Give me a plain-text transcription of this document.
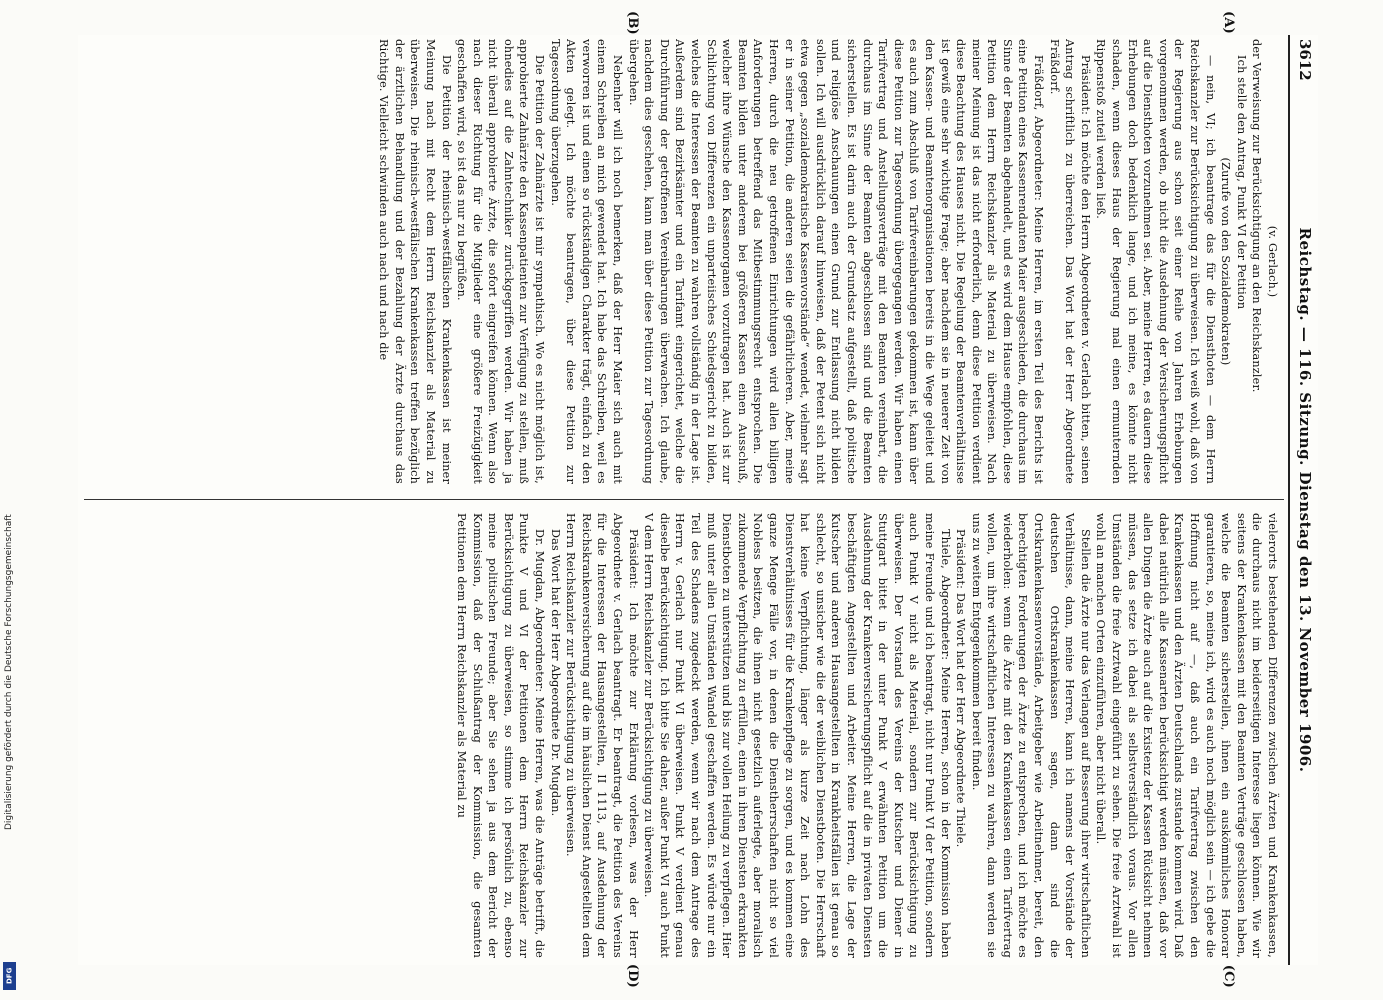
3612
Reichstag. — 116. Sitzung. Dienstag den 13. November 1906.
(A)
(B)

(v. Gerlach.)

der Verweisung zur Berücksichtigung an den Reichskanzler.

Ich stelle den Antrag, Punkt VI der Petition

(Zurufe von den Sozialdemokraten)

— nein, VI; ich beantrage das für die Diensthoten — dem Herrn Reichskanzler zur Berücksichtigung zu überweisen. Ich weiß wohl, daß von der Regierung aus schon seit einer Reihe von Jahren Erhebungen vorgenommen werden, ob nicht die Ausdehnung der Versicherungspflicht auf die Diensthoten vorzunehmen sei. Aber, meine Herren, es dauern diese Erhebungen doch bedenklich lange, und ich meine, es könnte nicht schaden, wenn dieses Haus der Regierung mal einen ermunternden Rippenstoß zuteil werden ließ.

Präsident: Ich möchte den Herrn Abgeordneten v. Gerlach bitten, seinen Antrag schriftlich zu überreichen. Das Wort hat der Herr Abgeordnete Fräßdorf.

Fräßdorf, Abgeordneter: Meine Herren, im ersten Teil des Berichts ist eine Petition eines Kassenrendanten Maier ausgeschieden, die durchaus im Sinne der Beamten abgehandelt, und es wird dem Hause empfohlen, diese Petition dem Herrn Reichskanzler als Material zu überweisen. Nach meiner Meinung ist das nicht erforderlich, denn diese Petition verdient diese Beachtung des Hauses nicht. Die Regelung der Beamtenverhältnisse ist gewiß eine sehr wichtige Frage; aber nachdem sie in neuerer Zeit von den Kassen- und Beamtenorganisationen bereits in die Wege geleitet und es auch zum Abschluß von Tarifvereinbarungen gekommen ist, kann über diese Petition zur Tagesordnung übergegangen werden. Wir haben einen Tarifvertrag und Anstellungsverträge mit den Beamten vereinbart, die durchaus im Sinne der Beamten abgeschlossen sind und die Beamten sicherstellen. Es ist darin auch der Grundsatz aufgestellt, daß politische und religiöse Anschauungen einen Grund zur Entlassung nicht bilden sollen. Ich will ausdrücklich darauf hinweisen, daß der Petent sich nicht etwa gegen „sozialdemokratische Kassenvorstände“ wendet, vielmehr sagt er in seiner Petition, die anderen seien die gefährlicheren. Aber, meine Herren, durch die neu getroffenen Einrichtungen wird allen billigen Anforderungen betreffend das Mitbestimmungsrecht entsprochen. Die Beamten bilden unter anderem bei größeren Kassen einen Ausschuß, welcher ihre Wünsche den Kassenorganen vorzutragen hat. Auch ist zur Schlichtung von Differenzen ein unparteiisches Schiedsgericht zu bilden, welches die Interessen der Beamten zu wahren vollständig in der Lage ist. Außerdem sind Bezirksämter und ein Tarifamt eingerichtet, welche die Durchführung der getroffenen Vereinbarungen überwachen. Ich glaube, nachdem dies geschehen, kann man über diese Petition zur Tagesordnung übergehen.

Nebenher will ich noch bemerken, daß der Herr Maier sich auch mit einem Schreiben an mich gewendet hat. Ich habe das Schreiben, weil es verworren ist und einen so rückständigen Charakter trägt, einfach zu den Akten gelegt. Ich möchte beantragen, über diese Petition zur Tagesordnung überzugehen.

Die Petition der Zahnärzte ist mir sympathisch. Wo es nicht möglich ist, approbierte Zahnärzte den Kassenpatienten zur Verfügung zu stellen, muß ohnedies auf die Zahntechniker zurückgegriffen werden. Wir haben ja nicht überall approbierte Ärzte, die sofort eingreifen können. Wenn also nach dieser Richtung für die Mitglieder eine größere Freizügigkeit geschaffen wird, so ist das nur zu begrüßen.

Die Petition der rheinisch-westfälischen Krankenkassen ist meiner Meinung nach mit Recht dem Herrn Reichskanzler als Material zu überweisen. Die rheinisch-westfälischen Krankenkassen treffen bezüglich der ärztlichen Behandlung und der Bezahlung der Ärzte durchaus das Richtige. Vielleicht schwinden auch nach und nach die

(C)
(D)

vielerorts bestehenden Differenzen zwischen Ärzten und Krankenkassen, die durchaus nicht im beiderseitigen Interesse liegen können. Wie wir seitens der Krankenkassen mit den Beamten Verträge geschlossen haben, welche die Beamten sicherstellen, ihnen ein auskömmliches Honorar garantieren, so, meine ich, wird es auch noch möglich sein — ich gebe die Hoffnung nicht auf —, daß auch ein Tarifvertrag zwischen den Krankenkassen und den Ärzten Deutschlands zustande kommen wird. Daß dabei natürlich alle Kassenarten berücksichtigt werden müssen, daß vor allen Dingen die Ärzte auch auf die Existenz der Kassen Rücksicht nehmen müssen, das setze ich dabei als selbstverständlich voraus. Vor allen Umständen die freie Arztwahl eingeführt zu sehen. Die freie Arztwahl ist wohl an manchen Orten einzuführen, aber nicht überall.

Stellen die Ärzte nur das Verlangen auf Besserung ihrer wirtschaftlichen Verhältnisse, dann, meine Herren, kann ich namens der Vorstände der deutschen Ortskrankenkassen sagen, dann sind die Ortskrankenkassenvorstände, Arbeitgeber wie Arbeitnehmer, bereit, den berechtigten Forderungen der Ärzte zu entsprechen, und ich möchte es wiederholen: wenn die Ärzte mit den Krankenkassen einen Tarifvertrag wollen, um ihre wirtschaftlichen Interessen zu wahren, dann werden sie uns zu weitem Entgegenkommen bereit finden.

Präsident: Das Wort hat der Herr Abgeordnete Thiele.

Thiele, Abgeordneter: Meine Herren, schon in der Kommission haben meine Freunde und ich beantragt, nicht nur Punkt VI der Petition, sondern auch Punkt V nicht als Material, sondern zur Berücksichtigung zu überweisen. Der Vorstand des Vereins der Kutscher und Diener in Stuttgart bittet in der unter Punkt V erwähnten Petition um die Ausdehnung der Krankenversicherungspflicht auf die in privaten Diensten beschäftigten Angestellten und Arbeiter. Meine Herren, die Lage der Kutscher und anderen Hausangestellten in Krankheitsfällen ist genau so schlecht, so unsicher wie die der weiblichen Dienstboten. Die Herrschaft hat keine Verpflichtung, länger als kurze Zeit nach Lohn des Dienstverhältnisses für die Krankenpflege zu sorgen, und es kommen eine ganze Menge Fälle vor, in denen die Dienstherrschaften nicht so viel Nobless besitzen, die ihnen nicht gesetzlich auferlegte, aber moralisch zukommende Verpflichtung zu erfüllen, einen in ihren Diensten erkrankten Dienstboten zu unterstützen und bis zur vollen Heilung zu verpflegen. Hier muß unter allen Umständen Wandel geschaffen werden. Es würde nur ein Teil des Schadens zugedeckt werden, wenn wir nach dem Antrage des Herrn v. Gerlach nur Punkt VI überweisen. Punkt V verdient genau dieselbe Berücksichtigung. Ich bitte Sie daher, außer Punkt VI auch Punkt V dem Herrn Reichskanzler zur Berücksichtigung zu überweisen.

Präsident: Ich möchte zur Erklärung vorlesen, was der Herr Abgeordnete v. Gerlach beantragt. Er beantragt, die Petition des Vereins für die Interessen der Hausangestellten, II 1113, auf Ausdehnung der Reichskrankenversicherung auf die im häuslichen Dienst Angestellten dem Herrn Reichskanzler zur Berücksichtigung zu überweisen.

Das Wort hat der Herr Abgeordnete Dr. Mugdan.

Dr. Mugdan, Abgeordneter: Meine Herren, was die Anträge betrifft, die Punkte V und VI der Petitionen dem Herrn Reichskanzler zur Berücksichtigung zu überweisen, so stimme ich persönlich zu, ebenso meine politischen Freunde; aber Sie sehen ja aus dem Bericht der Kommission, daß der Schlußantrag der Kommission, die gesamten Petitionen dem Herrn Reichskanzler als Material zu

Digitalisierung gefördert durch die Deutsche Forschungsgemeinschaft
DFG
